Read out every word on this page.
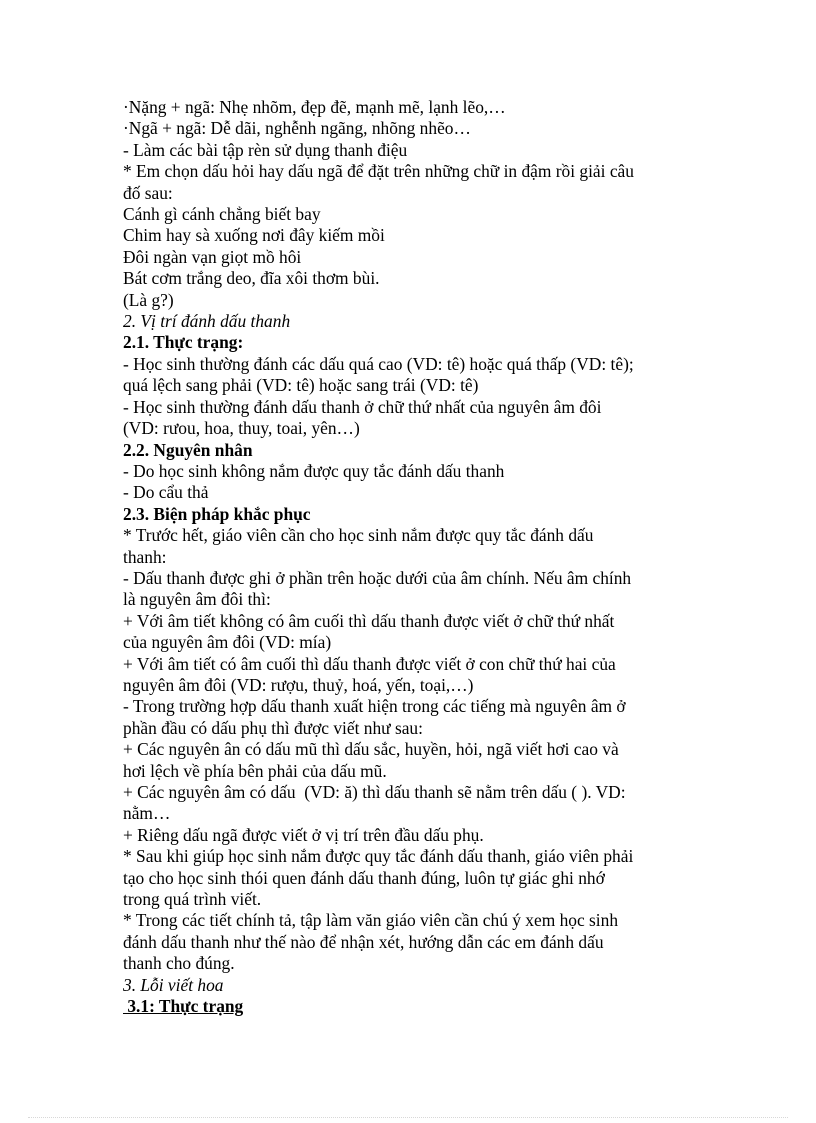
·Nặng + ngã: Nhẹ nhõm, đẹp đẽ, mạnh mẽ, lạnh lẽo,…
·Ngã + ngã: Dễ dãi, nghễnh ngãng, nhõng nhẽo…
- Làm các bài tập rèn sử dụng thanh điệu
* Em chọn dấu hỏi hay dấu ngã để đặt trên những chữ in đậm rồi giải câu
đố sau:
Cánh gì cánh chẳng biết bay
Chim hay sà xuống nơi đây kiếm mồi
Đôi ngàn vạn giọt mồ hôi
Bát cơm trắng deo, đĩa xôi thơm bùi.
(Là g?)
2. Vị trí đánh dấu thanh
2.1. Thực trạng:
- Học sinh thường đánh các dấu quá cao (VD: tê) hoặc quá thấp (VD: tê);
quá lệch sang phải (VD: tê) hoặc sang trái (VD: tê)
- Học sinh thường đánh dấu thanh ở chữ thứ nhất của nguyên âm đôi
(VD: rưou, hoa, thuy, toai, yên…)
2.2. Nguyên nhân
- Do học sinh không nắm được quy tắc đánh dấu thanh
- Do cẩu thả
2.3. Biện pháp khắc phục
* Trước hết, giáo viên cần cho học sinh nắm được quy tắc đánh dấu
thanh:
- Dấu thanh được ghi ở phần trên hoặc dưới của âm chính. Nếu âm chính
là nguyên âm đôi thì:
+ Với âm tiết không có âm cuối thì dấu thanh được viết ở chữ thứ nhất
của nguyên âm đôi (VD: mía)
+ Với âm tiết có âm cuối thì dấu thanh được viết ở con chữ thứ hai của
nguyên âm đôi (VD: rượu, thuỷ, hoá, yến, toại,…)
- Trong trường hợp dấu thanh xuất hiện trong các tiếng mà nguyên âm ở
phần đầu có dấu phụ thì được viết như sau:
+ Các nguyên ân có dấu mũ thì dấu sắc, huyền, hỏi, ngã viết hơi cao và
hơi lệch về phía bên phải của dấu mũ.
+ Các nguyên âm có dấu  (VD: ă) thì dấu thanh sẽ nằm trên dấu ( ). VD:
nằm…
+ Riêng dấu ngã được viết ở vị trí trên đầu dấu phụ.
* Sau khi giúp học sinh nắm được quy tắc đánh dấu thanh, giáo viên phải
tạo cho học sinh thói quen đánh dấu thanh đúng, luôn tự giác ghi nhớ
trong quá trình viết.
* Trong các tiết chính tả, tập làm văn giáo viên cần chú ý xem học sinh
đánh dấu thanh như thế nào để nhận xét, hướng dẫn các em đánh dấu
thanh cho đúng.
3. Lỗi viết hoa
3.1: Thực trạng
